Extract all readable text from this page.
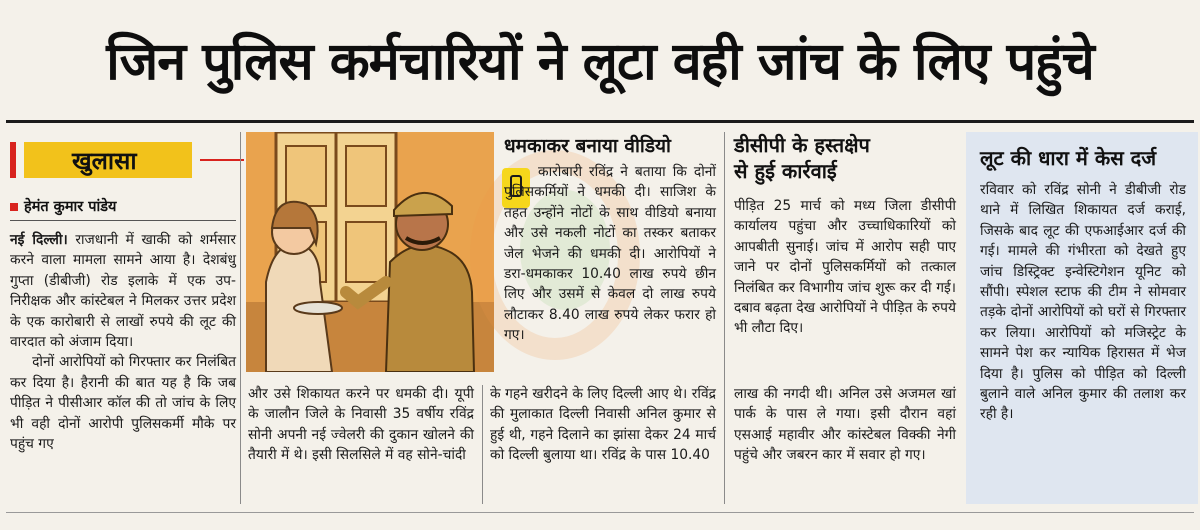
जिन पुलिस कर्मचारियों ने लूटा वही जांच के लिए पहुंचे
खुलासा
हेमंत कुमार पांडेय

नई दिल्ली। राजधानी में खाकी को शर्मसार करने वाला मामला सामने आया है। देशबंधु गुप्ता (डीबीजी) रोड इलाके में एक उप-निरीक्षक और कांस्टेबल ने मिलकर उत्तर प्रदेश के एक कारोबारी से लाखों रुपये की लूट की वारदात को अंजाम दिया।

दोनों आरोपियों को गिरफ्तार कर निलंबित कर दिया है। हैरानी की बात यह है कि जब पीड़ित ने पीसीआर कॉल की तो जांच के लिए भी वही दोनों आरोपी पुलिसकर्मी मौके पर पहुंच गए

धमकाकर बनाया वीडियो
कारोबारी रविंद्र ने बताया कि दोनों पुलिसकर्मियों ने धमकी दी। साजिश के तहत उन्होंने नोटों के साथ वीडियो बनाया और उसे नकली नोटों का तस्कर बताकर जेल भेजने की धमकी दी। आरोपियों ने डरा-धमकाकर 10.40 लाख रुपये छीन लिए और उसमें से केवल दो लाख रुपये लौटाकर 8.40 लाख रुपये लेकर फरार हो गए।
डीसीपी के हस्तक्षेप
से हुई कार्रवाई
पीड़ित 25 मार्च को मध्य जिला डीसीपी कार्यालय पहुंचा और उच्चाधिकारियों को आपबीती सुनाई। जांच में आरोप सही पाए जाने पर दोनों पुलिसकर्मियों को तत्काल निलंबित कर विभागीय जांच शुरू कर दी गई। दबाव बढ़ता देख आरोपियों ने पीड़ित के रुपये भी लौटा दिए।
और उसे शिकायत करने पर धमकी दी। यूपी के जालौन जिले के निवासी 35 वर्षीय रविंद्र सोनी अपनी नई ज्वेलरी की दुकान खोलने की तैयारी में थे। इसी सिलसिले में वह सोने-चांदी
के गहने खरीदने के लिए दिल्ली आए थे। रविंद्र की मुलाकात दिल्ली निवासी अनिल कुमार से हुई थी, गहने दिलाने का झांसा देकर 24 मार्च को दिल्ली बुलाया था। रविंद्र के पास 10.40
लाख की नगदी थी। अनिल उसे अजमल खां पार्क के पास ले गया। इसी दौरान वहां एसआई महावीर और कांस्टेबल विक्की नेगी पहुंचे और जबरन कार में सवार हो गए।
लूट की धारा में केस दर्ज
रविवार को रविंद्र सोनी ने डीबीजी रोड थाने में लिखित शिकायत दर्ज कराई, जिसके बाद लूट की एफआईआर दर्ज की गई। मामले की गंभीरता को देखते हुए जांच डिस्ट्रिक्ट इन्वेस्टिगेशन यूनिट को सौंपी। स्पेशल स्टाफ की टीम ने सोमवार तड़के दोनों आरोपियों को घरों से गिरफ्तार कर लिया। आरोपियों को मजिस्ट्रेट के सामने पेश कर न्यायिक हिरासत में भेज दिया है। पुलिस को पीड़ित को दिल्ली बुलाने वाले अनिल कुमार की तलाश कर रही है।
